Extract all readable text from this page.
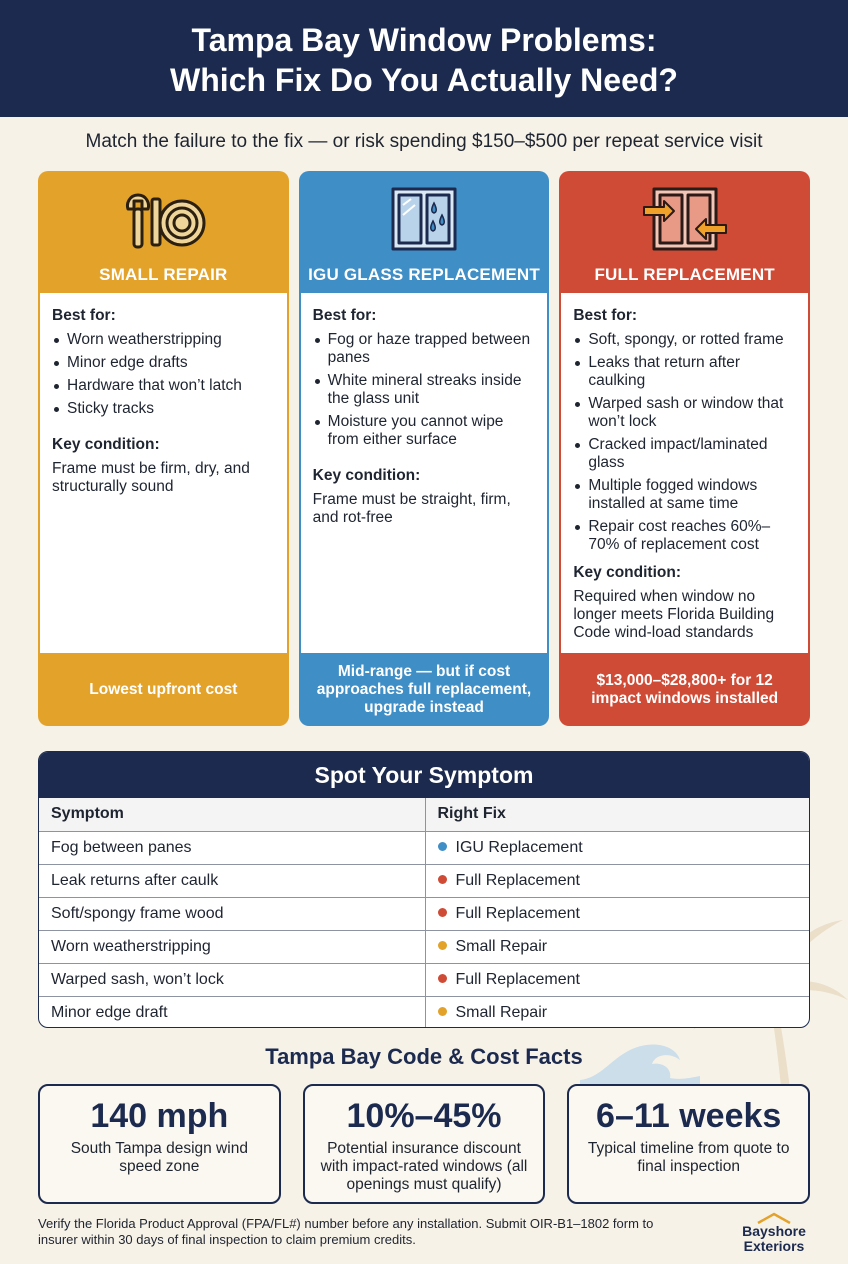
Tampa Bay Window Problems:
Which Fix Do You Actually Need?
Match the failure to the fix — or risk spending $150–$500 per repeat service visit
SMALL REPAIR
Best for:
Worn weatherstripping
Minor edge drafts
Hardware that won’t latch
Sticky tracks
Key condition:
Frame must be firm, dry, and structurally sound
Lowest upfront cost
IGU GLASS REPLACEMENT
Best for:
Fog or haze trapped between panes
White mineral streaks inside the glass unit
Moisture you cannot wipe from either surface
Key condition:
Frame must be straight, firm, and rot-free
Mid-range — but if cost approaches full replacement, upgrade instead
FULL REPLACEMENT
Best for:
Soft, spongy, or rotted frame
Leaks that return after caulking
Warped sash or window that won’t lock
Cracked impact/laminated glass
Multiple fogged windows installed at same time
Repair cost reaches 60%–70% of replacement cost
Key condition:
Required when window no longer meets Florida Building Code wind-load standards
$13,000–$28,800+ for 12 impact windows installed
Spot Your Symptom
Symptom	Right Fix
Fog between panes	IGU Replacement
Leak returns after caulk	Full Replacement
Soft/spongy frame wood	Full Replacement
Worn weatherstripping	Small Repair
Warped sash, won’t lock	Full Replacement
Minor edge draft	Small Repair
Tampa Bay Code & Cost Facts
140 mph
South Tampa design wind speed zone
10%–45%
Potential insurance discount with impact-rated windows (all openings must qualify)
6–11 weeks
Typical timeline from quote to final inspection
Verify the Florida Product Approval (FPA/FL#) number before any installation. Submit OIR-B1–1802 form to insurer within 30 days of final inspection to claim premium credits.
Bayshore
Exteriors
